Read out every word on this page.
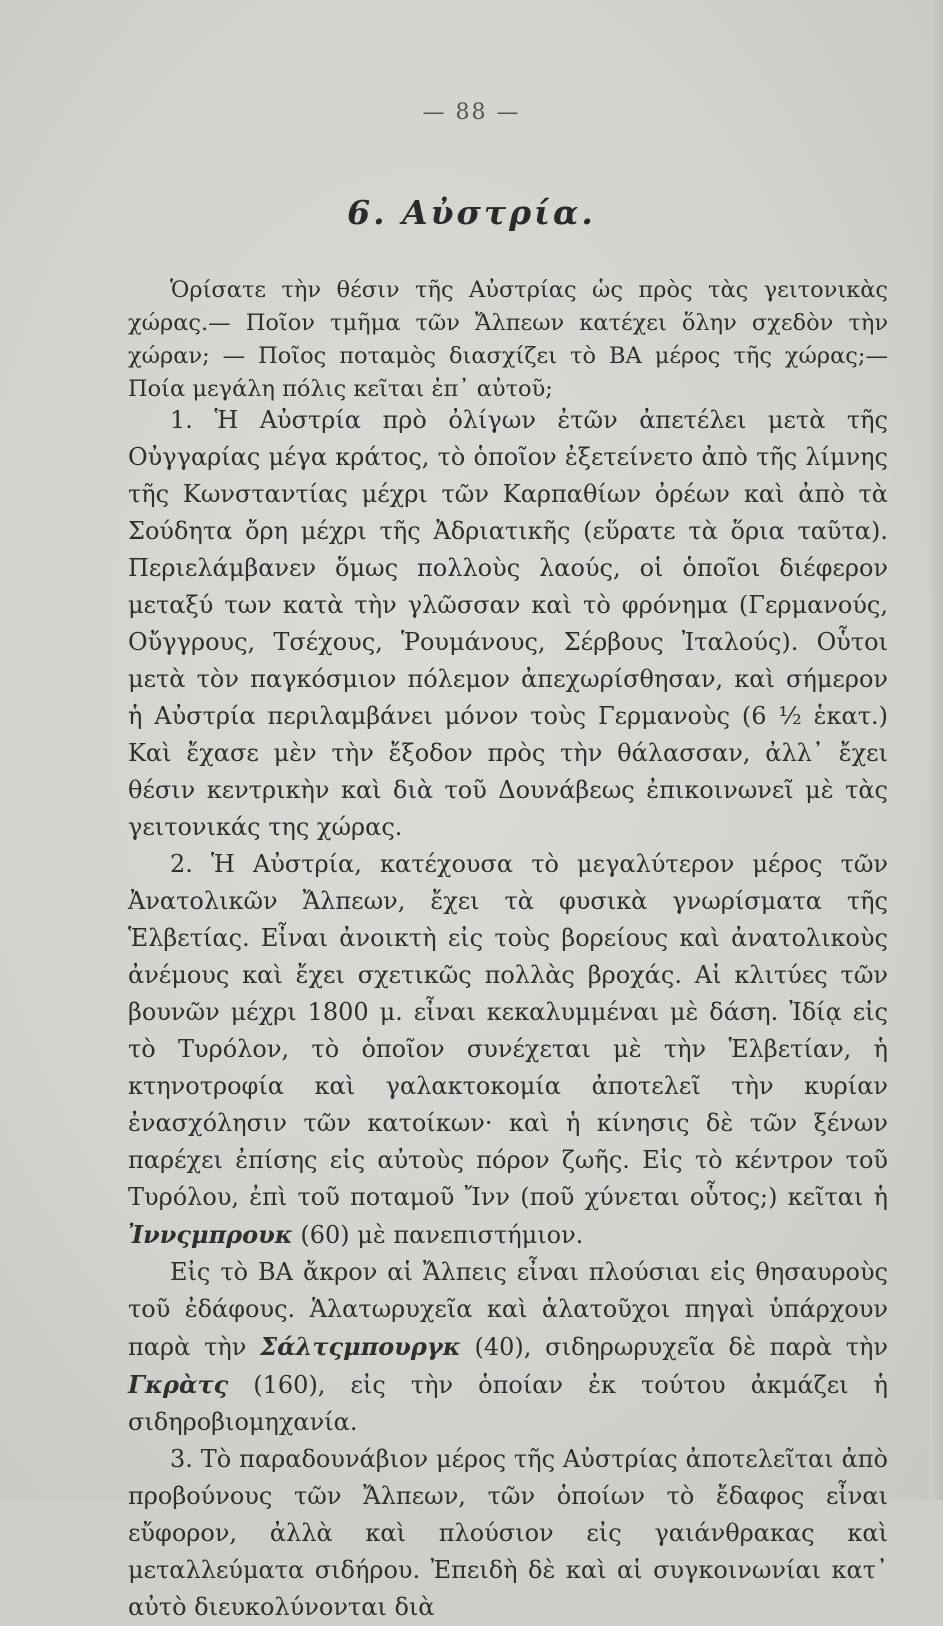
— 88 —
6. Αὐστρία.

Ὁρίσατε τὴν θέσιν τῆς Αὐστρίας ὡς πρὸς τὰς γειτονικὰς χώρας.— Ποῖον τμῆμα τῶν Ἄλπεων κατέχει ὅλην σχεδὸν τὴν χώραν; — Ποῖος ποταμὸς διασχίζει τὸ ΒΑ μέρος τῆς χώρας;—Ποία μεγάλη πόλις κεῖται ἐπ᾽ αὐτοῦ;

1. Ἡ Αὐστρία πρὸ ὀλίγων ἐτῶν ἀπετέλει μετὰ τῆς Οὐγγαρίας μέγα κράτος, τὸ ὁποῖον ἐξετείνετο ἀπὸ τῆς λίμνης τῆς Κωνσταντίας μέχρι τῶν Καρπαθίων ὀρέων καὶ ἀπὸ τὰ Σούδητα ὄρη μέχρι τῆς Ἀδριατικῆς (εὕρατε τὰ ὅρια ταῦτα). Περιελάμβανεν ὅμως πολλοὺς λαούς, οἱ ὁποῖοι διέφερον μεταξύ των κατὰ τὴν γλῶσσαν καὶ τὸ φρόνημα (Γερμανούς, Οὔγγρους, Τσέχους, Ῥουμάνους, Σέρβους Ἰταλούς). Οὗτοι μετὰ τὸν παγκόσμιον πόλεμον ἀπεχωρίσθησαν, καὶ σήμερον ἡ Αὐστρία περιλαμβάνει μόνον τοὺς Γερμανοὺς (6 ½ ἑκατ.) Καὶ ἔχασε μὲν τὴν ἔξοδον πρὸς τὴν θάλασσαν, ἀλλ᾽ ἔχει θέσιν κεντρικὴν καὶ διὰ τοῦ Δουνάβεως ἐπικοινωνεῖ μὲ τὰς γειτονικάς της χώρας.

2. Ἡ Αὐστρία, κατέχουσα τὸ μεγαλύτερον μέρος τῶν Ἀνατολικῶν Ἄλπεων, ἔχει τὰ φυσικὰ γνωρίσματα τῆς Ἑλβετίας. Εἶναι ἀνοικτὴ εἰς τοὺς βορείους καὶ ἀνατολικοὺς ἀνέμους καὶ ἔχει σχετικῶς πολλὰς βροχάς. Αἱ κλιτύες τῶν βουνῶν μέχρι 1800 μ. εἶναι κεκαλυμμέναι μὲ δάση. Ἰδίᾳ εἰς τὸ Τυρόλον, τὸ ὁποῖον συνέχεται μὲ τὴν Ἑλβετίαν, ἡ κτηνοτροφία καὶ γαλακτοκομία ἀποτελεῖ τὴν κυρίαν ἐνασχόλησιν τῶν κατοίκων· καὶ ἡ κίνησις δὲ τῶν ξένων παρέχει ἐπίσης εἰς αὐτοὺς πόρον ζωῆς. Εἰς τὸ κέντρον τοῦ Τυρόλου, ἐπὶ τοῦ ποταμοῦ Ἴνν (ποῦ χύνεται οὗτος;) κεῖται ἡ Ἰννςμπρουκ (60) μὲ πανεπιστήμιον.

Εἰς τὸ ΒΑ ἄκρον αἱ Ἄλπεις εἶναι πλούσιαι εἰς θησαυροὺς τοῦ ἐδάφους. Ἁλατωρυχεῖα καὶ ἁλατοῦχοι πηγαὶ ὑπάρχουν παρὰ τὴν Σάλτςμπουργκ (40), σιδηρωρυχεῖα δὲ παρὰ τὴν Γκρὰτς (160), εἰς τὴν ὁποίαν ἐκ τούτου ἀκμάζει ἡ σιδηροβιομηχανία.

3. Τὸ παραδουνάβιον μέρος τῆς Αὐστρίας ἀποτελεῖται ἀπὸ προβούνους τῶν Ἄλπεων, τῶν ὁποίων τὸ ἔδαφος εἶναι εὔφορον, ἀλλὰ καὶ πλούσιον εἰς γαιάνθρακας καὶ μεταλλεύματα σιδήρου. Ἐπειδὴ δὲ καὶ αἱ συγκοινωνίαι κατ᾽ αὐτὸ διευκολύνονται διὰ
